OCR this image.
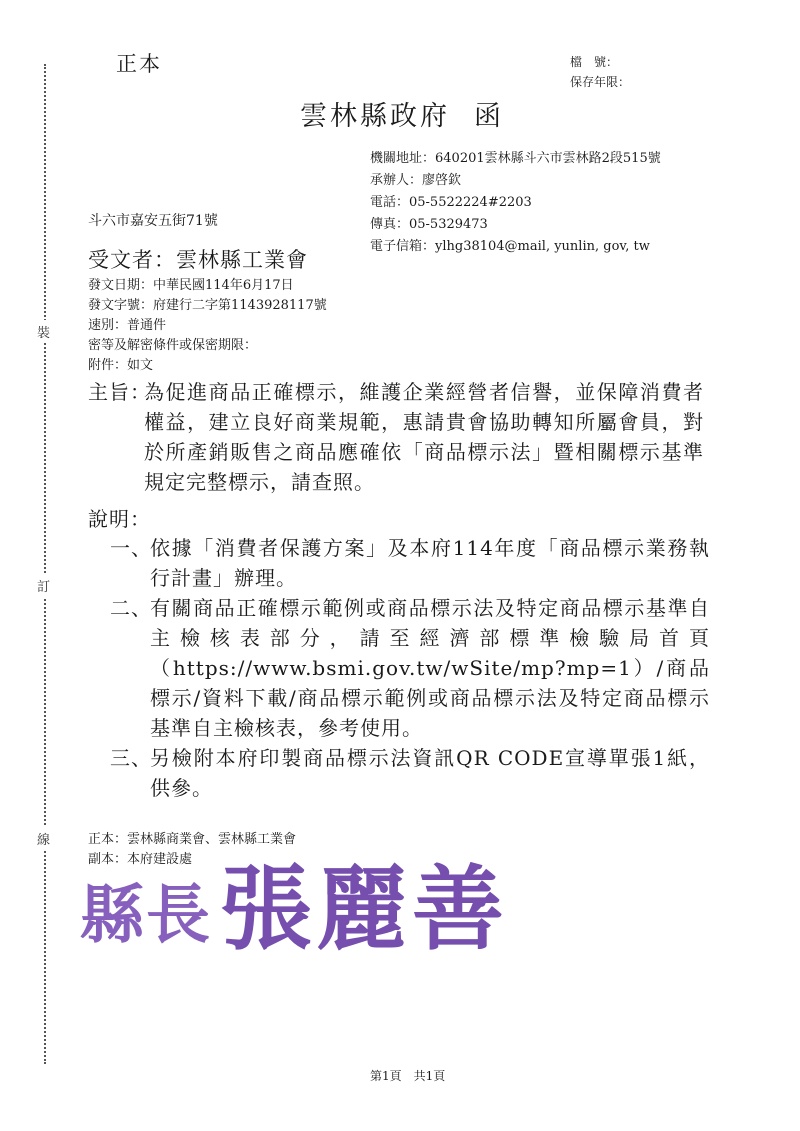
裝
訂
線
正本	檔　號：
保存年限：
雲林縣政府 函
機關地址：640201雲林縣斗六市雲林路2段515號
承辦人：廖啓欽
電話：05-5522224#2203
傳真：05-5329473
電子信箱：ylhg38104@mail, yunlin, gov, tw
斗六市嘉安五街71號
受文者：雲林縣工業會
發文日期：中華民國114年6月17日
發文字號：府建行二字第1143928117號
速別：普通件
密等及解密條件或保密期限：
附件：如文
主旨：
為促進商品正確標示，維護企業經營者信譽，並保障消費者權益，建立良好商業規範，惠請貴會協助轉知所屬會員，對於所產銷販售之商品應確依「商品標示法」暨相關標示基準規定完整標示，請查照。
說明：
一、
依據「消費者保護方案」及本府114年度「商品標示業務執行計畫」辦理。
二、
有關商品正確標示範例或商品標示法及特定商品標示基準自主檢核表部分，請至經濟部標準檢驗局首頁（https://www.bsmi.gov.tw/wSite/mp?mp=1）/商品標示/資料下載/商品標示範例或商品標示法及特定商品標示基準自主檢核表，參考使用。
三、
另檢附本府印製商品標示法資訊QR CODE宣導單張1紙，供參。
正本：雲林縣商業會、雲林縣工業會
副本：本府建設處
縣長 張麗善
第1頁　共1頁
